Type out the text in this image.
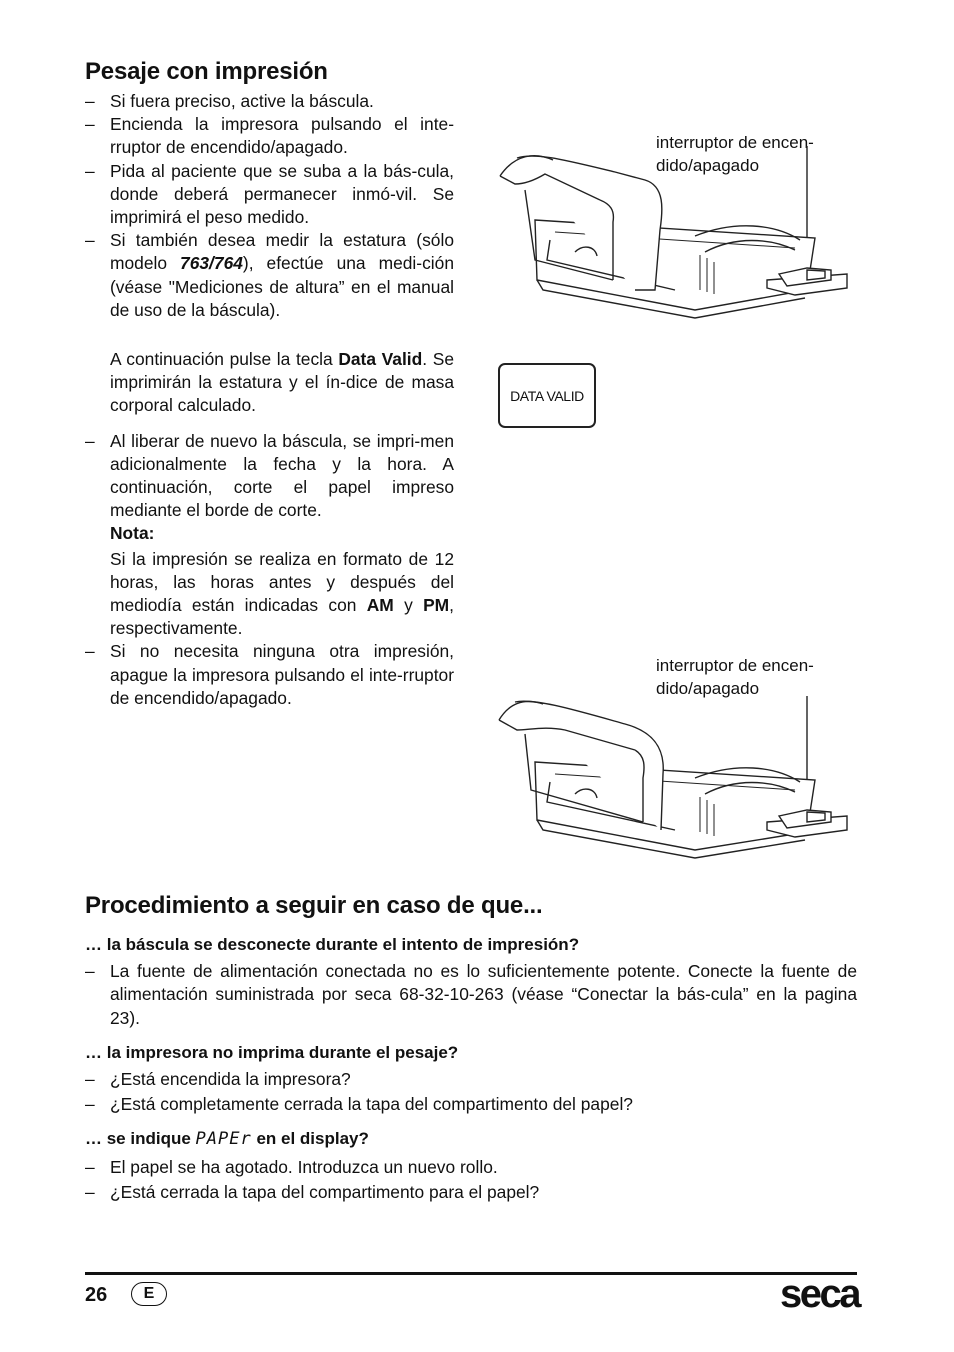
Pesaje con impresión
– Si fuera preciso, active la báscula.
– Encienda la impresora pulsando el inte-rruptor de encendido/apagado.
– Pida al paciente que se suba a la bás-cula, donde deberá permanecer inmó-vil. Se imprimirá el peso medido.
– Si también desea medir la estatura (sólo modelo 763/764), efectúe una medi-ción (véase "Mediciones de altura” en el manual de uso de la báscula).
A continuación pulse la tecla Data Valid. Se imprimirán la estatura y el ín-dice de masa corporal calculado.
– Al liberar de nuevo la báscula, se impri-men adicionalmente la fecha y la hora. A continuación, corte el papel impreso mediante el borde de corte.
Nota:
Si la impresión se realiza en formato de 12 horas, las horas antes y después del mediodía están indicadas con AM y PM, respectivamente.
– Si no necesita ninguna otra impresión, apague la impresora pulsando el inte-rruptor de encendido/apagado.
interruptor de encen-dido/apagado
DATA VALID
interruptor de encen-dido/apagado
Procedimiento a seguir en caso de que...
… la báscula se desconecte durante el intento de impresión?
– La fuente de alimentación conectada no es lo suficientemente potente. Conecte la fuente de alimentación suministrada por seca 68-32-10-263 (véase “Conectar la bás-cula” en la pagina 23).
… la impresora no imprima durante el pesaje?
– ¿Está encendida la impresora?
– ¿Está completamente cerrada la tapa del compartimento del papel?
… se indique PAPEr en el display?
– El papel se ha agotado. Introduzca un nuevo rollo.
– ¿Está cerrada la tapa del compartimento para el papel?
26 E	seca
